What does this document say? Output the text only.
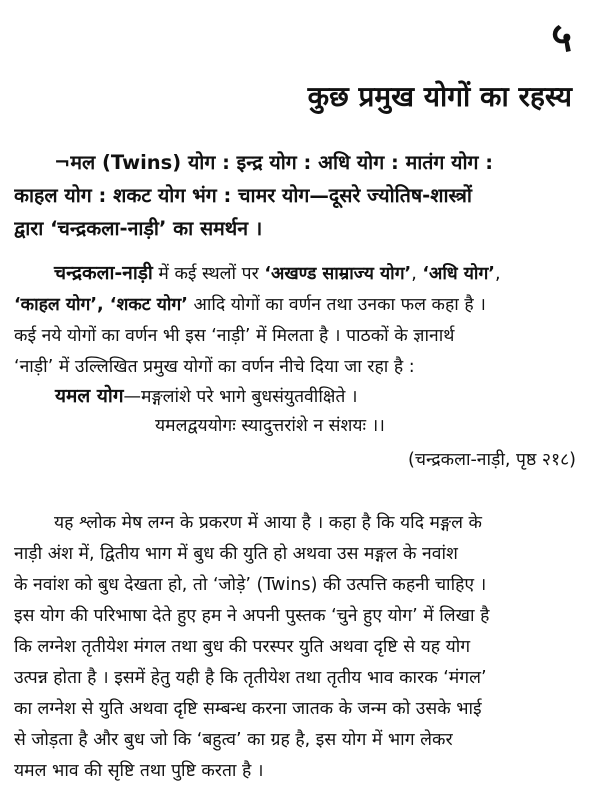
५
कुछ प्रमुख योगों का रहस्य
¬मल (Twins) योग : इन्द्र योग : अधि योग : मातंग योग :
काहल योग : शकट योग भंग : चामर योग—दूसरे ज्योतिष-शास्त्रों
द्वारा ‘चन्द्रकला-नाड़ी’ का समर्थन ।
चन्द्रकला-नाड़ी में कई स्थलों पर ‘अखण्ड साम्राज्य योग’, ‘अधि योग’,
‘काहल योग’, ‘शकट योग’ आदि योगों का वर्णन तथा उनका फल कहा है ।
कई नये योगों का वर्णन भी इस ‘नाड़ी’ में मिलता है । पाठकों के ज्ञानार्थ
‘नाड़ी’ में उल्लिखित प्रमुख योगों का वर्णन नीचे दिया जा रहा है :
यमल योग—मङ्गलांशे परे भागे बुधसंयुतवीक्षिते ।
यमलद्वययोगः स्यादुत्तरांशे न संशयः ।।
(चन्द्रकला-नाड़ी, पृष्ठ २१८)
यह श्लोक मेष लग्न के प्रकरण में आया है । कहा है कि यदि मङ्गल के
नाड़ी अंश में, द्वितीय भाग में बुध की युति हो अथवा उस मङ्गल के नवांश
के नवांश को बुध देखता हो, तो ‘जोड़े’ (Twins) की उत्पत्ति कहनी चाहिए ।
इस योग की परिभाषा देते हुए हम ने अपनी पुस्तक ‘चुने हुए योग’ में लिखा है
कि लग्नेश तृतीयेश मंगल तथा बुध की परस्पर युति अथवा दृष्टि से यह योग
उत्पन्न होता है । इसमें हेतु यही है कि तृतीयेश तथा तृतीय भाव कारक ‘मंगल’
का लग्नेश से युति अथवा दृष्टि सम्बन्ध करना जातक के जन्म को उसके भाई
से जोड़ता है और बुध जो कि ‘बहुत्व’ का ग्रह है, इस योग में भाग लेकर
यमल भाव की सृष्टि तथा पुष्टि करता है ।
